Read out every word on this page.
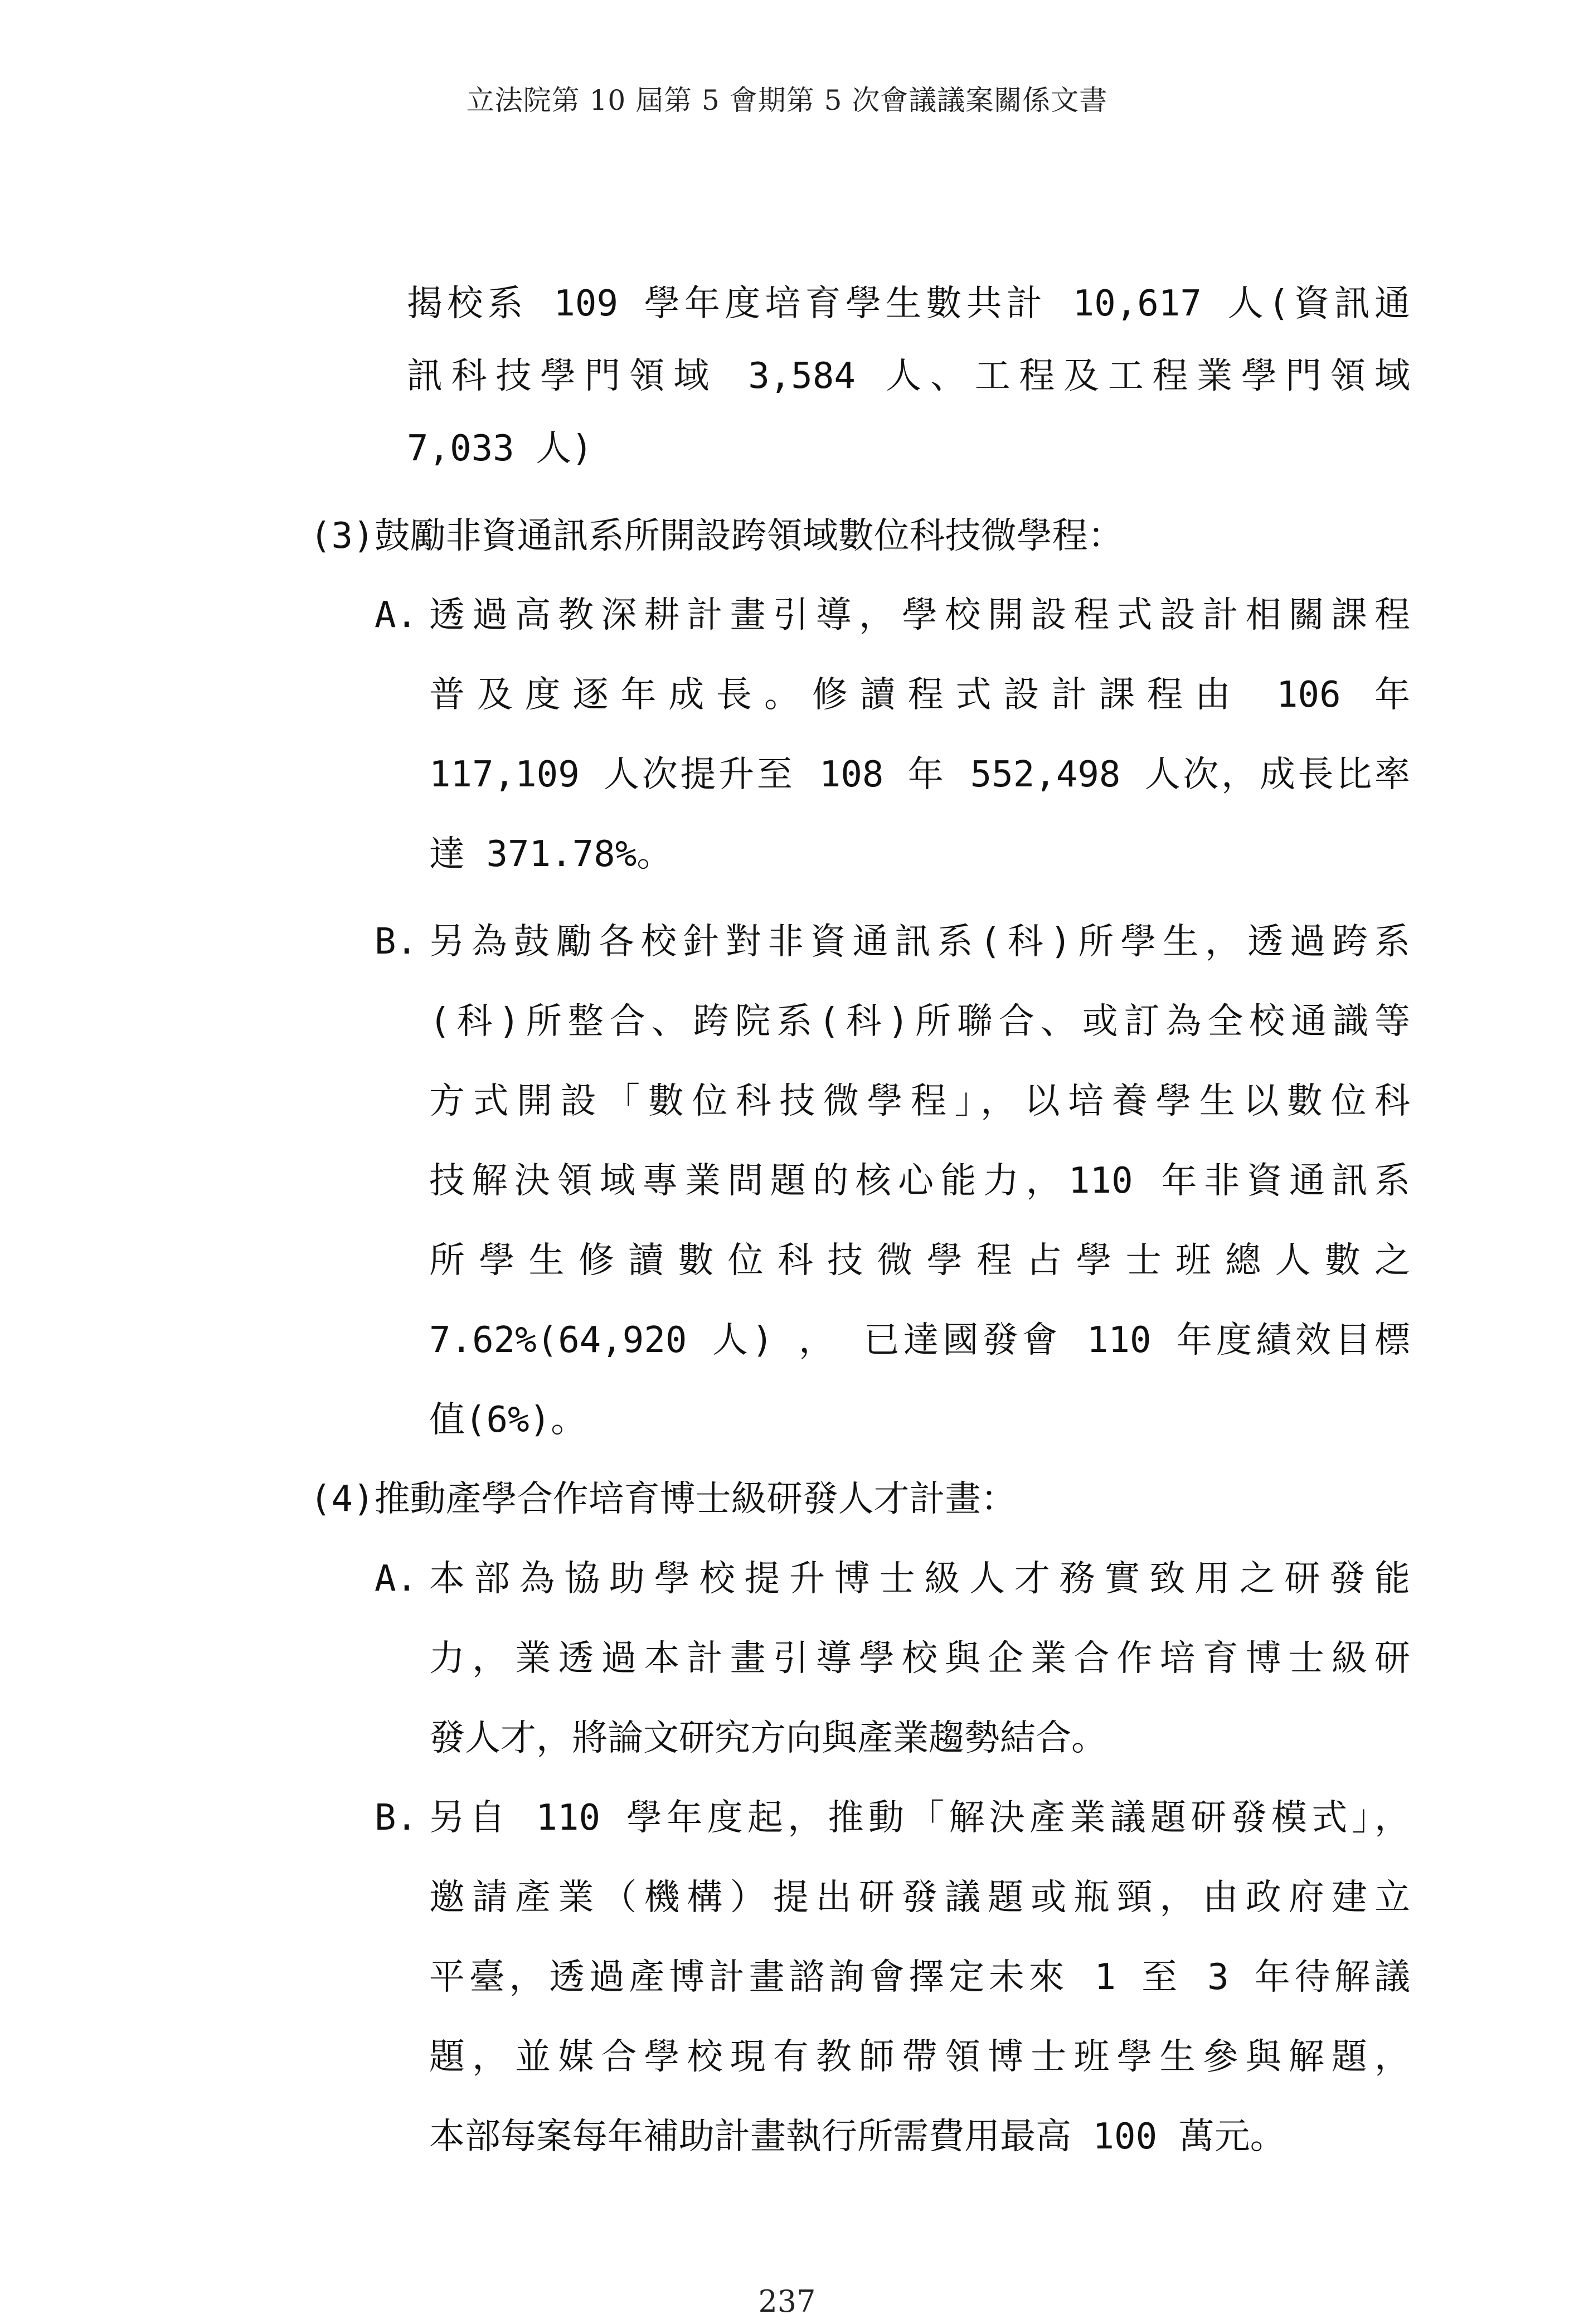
立法院第 10 屆第 5 會期第 5 次會議議案關係文書
揭校系 109 學年度培育學生數共計 10,617 人(資訊通
訊科技學門領域 3,584 人、工程及工程業學門領域
7,033 人)
(3)鼓勵非資通訊系所開設跨領域數位科技微學程：
A. 透過高教深耕計畫引導，學校開設程式設計相關課程
普及度逐年成長。修讀程式設計課程由 106 年
117,109 人次提升至 108 年 552,498 人次，成長比率
達 371.78%。
B. 另為鼓勵各校針對非資通訊系(科)所學生，透過跨系
(科)所整合、跨院系(科)所聯合、或訂為全校通識等
方式開設「數位科技微學程」，以培養學生以數位科
技解決領域專業問題的核心能力，110 年非資通訊系
所學生修讀數位科技微學程占學士班總人數之
7.62%(64,920 人) ， 已達國發會 110 年度績效目標
值(6%)。
(4)推動產學合作培育博士級研發人才計畫：
A. 本部為協助學校提升博士級人才務實致用之研發能
力，業透過本計畫引導學校與企業合作培育博士級研
發人才，將論文研究方向與產業趨勢結合。
B. 另自 110 學年度起，推動「解決產業議題研發模式」，
邀請產業（機構）提出研發議題或瓶頸，由政府建立
平臺，透過產博計畫諮詢會擇定未來 1 至 3 年待解議
題，並媒合學校現有教師帶領博士班學生參與解題，
本部每案每年補助計畫執行所需費用最高 100 萬元。
237
